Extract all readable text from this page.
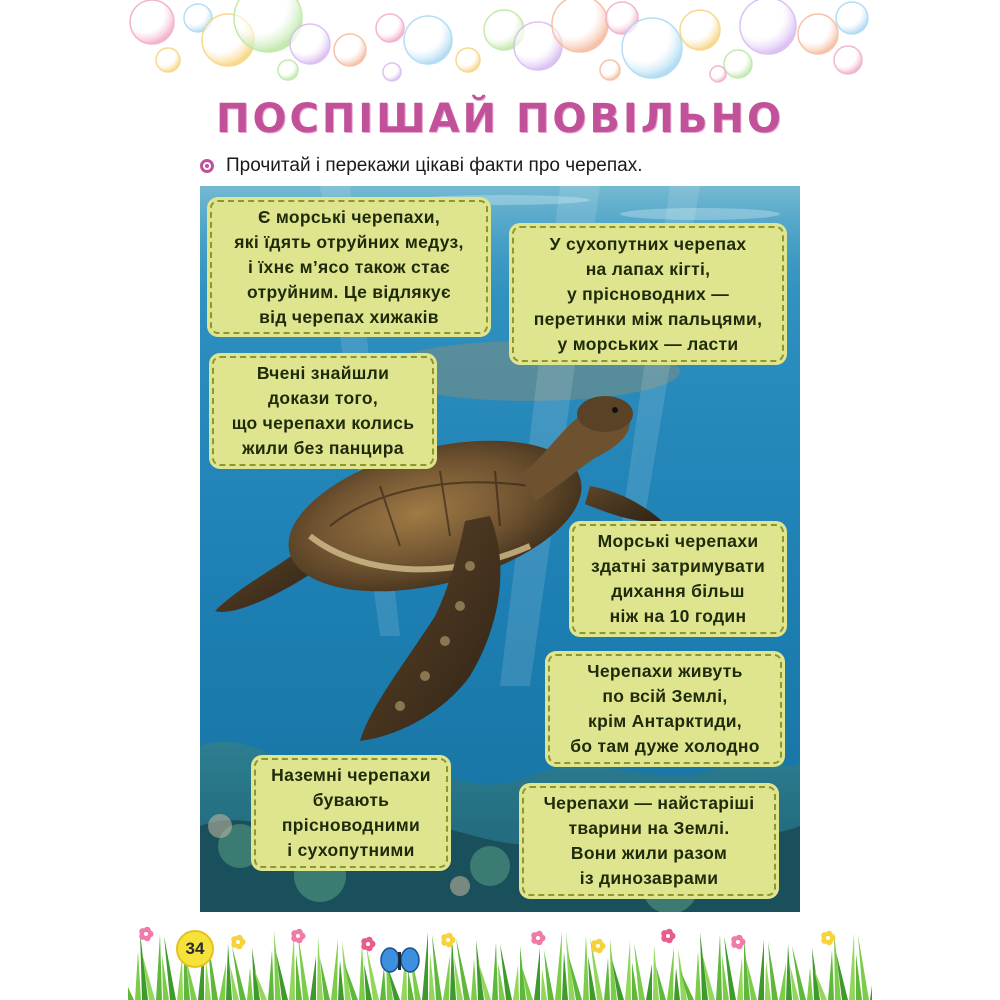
ПОСПІШАЙ ПОВІЛЬНО
Прочитай і перекажи цікаві факти про черепах.
Є морські черепахи,
які їдять отруйних медуз,
і їхнє м’ясо також стає
отруйним. Це відлякує
від черепах хижаків
У сухопутних черепах
на лапах кігті,
у прісноводних —
перетинки між пальцями,
у морських — ласти
Вчені знайшли
докази того,
що черепахи колись
жили без панцира
Морські черепахи
здатні затримувати
дихання більш
ніж на 10 годин
Черепахи живуть
по всій Землі,
крім Антарктиди,
бо там дуже холодно
Наземні черепахи
бувають
прісноводними
і сухопутними
Черепахи — найстаріші
тварини на Землі.
Вони жили разом
із динозаврами
34
